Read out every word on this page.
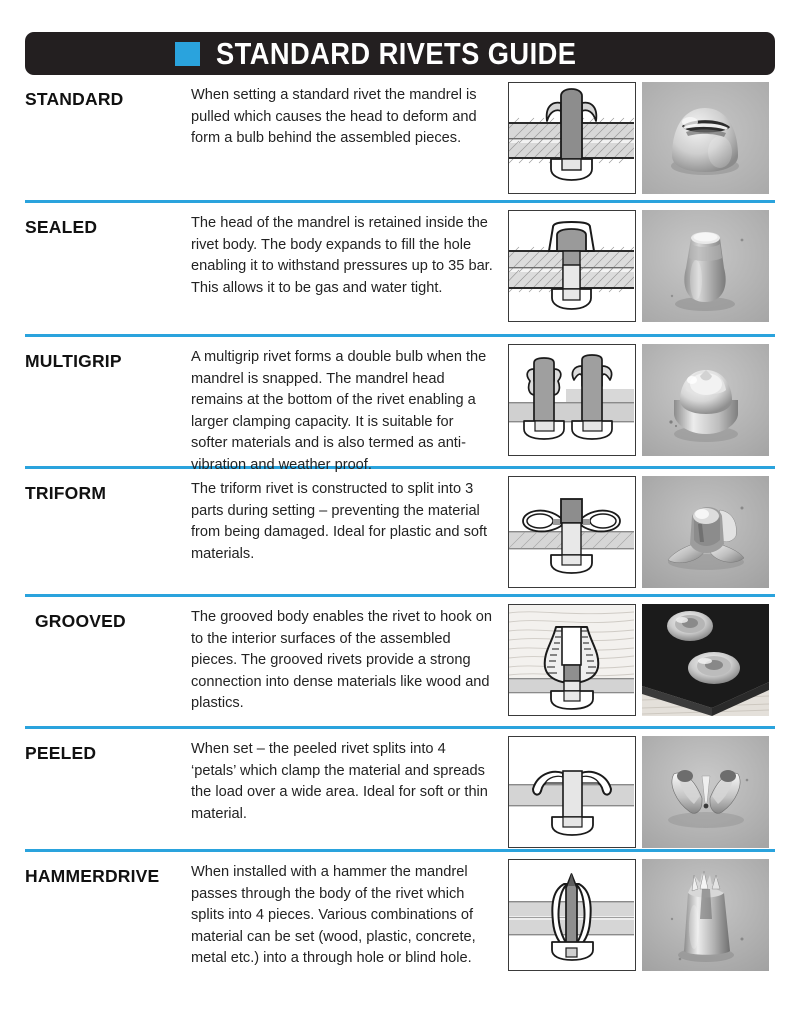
STANDARD RIVETS GUIDE
STANDARD	When setting a standard rivet the mandrel is pulled which causes the head to deform and form a bulb behind the assembled pieces.
SEALED	The head of the mandrel is retained inside the rivet body. The body expands to fill the hole enabling it to withstand pressures up to 35 bar. This allows it to be gas and water tight.
MULTIGRIP	A multigrip rivet forms a double bulb when the mandrel is snapped. The mandrel head remains at the bottom of the rivet enabling a larger clamping capacity. It is suitable for softer materials and is also termed as anti-vibration and weather proof.
TRIFORM	The triform rivet is constructed to split into 3 parts during setting – preventing the material from being damaged. Ideal for plastic and soft materials.
GROOVED	The grooved body enables the rivet to hook on to the interior surfaces of the assembled pieces. The grooved rivets provide a strong connection into dense materials like wood and plastics.
PEELED	When set – the peeled rivet splits into 4 ‘petals’ which clamp the material and spreads the load over a wide area. Ideal for soft or thin material.
HAMMERDRIVE	When installed with a hammer the mandrel passes through the body of the rivet which splits into 4 pieces. Various combinations of material can be set (wood, plastic, concrete, metal etc.) into a through hole or blind hole.
